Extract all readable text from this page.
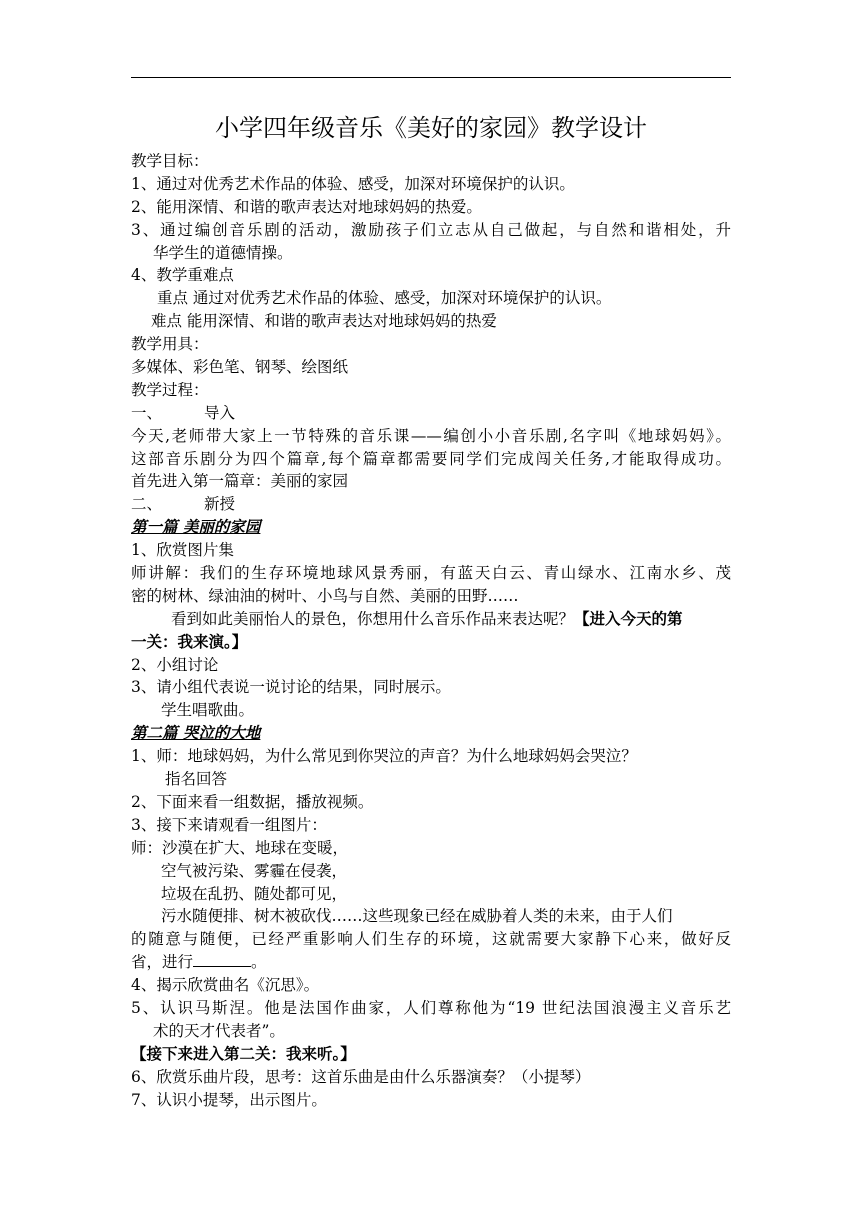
小学四年级音乐《美好的家园》教学设计
教学目标：
1、通过对优秀艺术作品的体验、感受，加深对环境保护的认识。
2、能用深情、和谐的歌声表达对地球妈妈的热爱。
3、通过编创音乐剧的活动，激励孩子们立志从自己做起，与自然和谐相处，升
华学生的道德情操。
4、教学重难点
重点 通过对优秀艺术作品的体验、感受，加深对环境保护的认识。
难点 能用深情、和谐的歌声表达对地球妈妈的热爱
教学用具：
多媒体、彩色笔、钢琴、绘图纸
教学过程：
一、	导入
今天,老师带大家上一节特殊的音乐课——编创小小音乐剧,名字叫《地球妈妈》。
这部音乐剧分为四个篇章,每个篇章都需要同学们完成闯关任务,才能取得成功。
首先进入第一篇章：美丽的家园
二、	新授
第一篇 美丽的家园
1、欣赏图片集
师讲解：我们的生存环境地球风景秀丽，有蓝天白云、青山绿水、江南水乡、茂
密的树林、绿油油的树叶、小鸟与自然、美丽的田野……
看到如此美丽怡人的景色，你想用什么音乐作品来表达呢？【进入今天的第
一关：我来演。】
2、小组讨论
3、请小组代表说一说讨论的结果，同时展示。
学生唱歌曲。
第二篇 哭泣的大地
1、师：地球妈妈，为什么常见到你哭泣的声音？为什么地球妈妈会哭泣？
指名回答
2、下面来看一组数据，播放视频。
3、接下来请观看一组图片：
师：沙漠在扩大、地球在变暖，
空气被污染、雾霾在侵袭，
垃圾在乱扔、随处都可见，
污水随便排、树木被砍伐……这些现象已经在威胁着人类的未来，由于人们
的随意与随便，已经严重影响人们生存的环境，这就需要大家静下心来，做好反
省，进行	。
4、揭示欣赏曲名《沉思》。
5、认识马斯涅。他是法国作曲家，人们尊称他为“19 世纪法国浪漫主义音乐艺
术的天才代表者”。
【接下来进入第二关：我来听。】
6、欣赏乐曲片段，思考：这首乐曲是由什么乐器演奏？（小提琴）
7、认识小提琴，出示图片。
